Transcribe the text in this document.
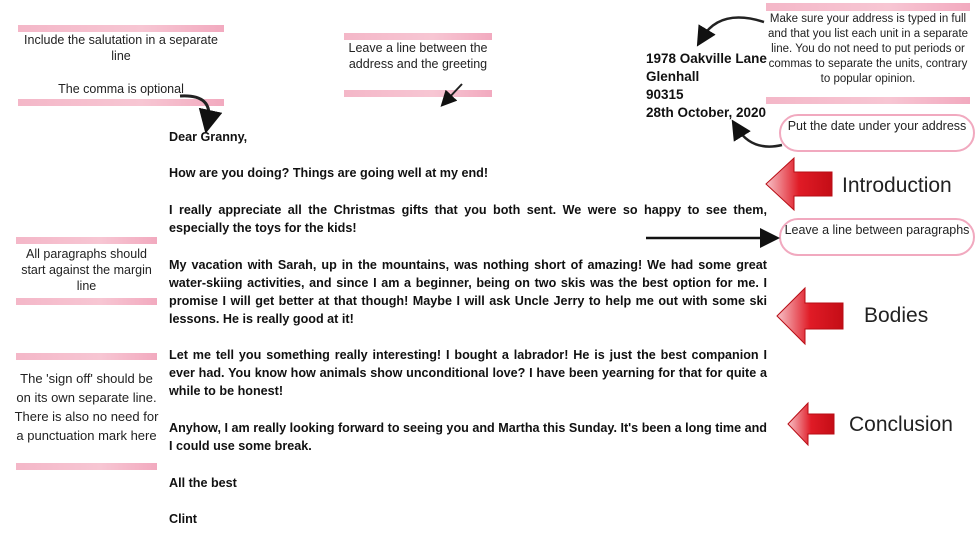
Include the salutation in a separate line
The comma is optional
Leave a line between the address and the greeting
All paragraphs should start against the margin line
The 'sign off' should be on its own separate line. There is also no need for a punctuation mark here
Make sure your address is typed in full and that you list each unit in a separate line. You do not need to put periods or commas to separate the units, contrary to popular opinion.
1978 Oakville Lane
Glenhall
90315
28th October, 2020
Put the date under your address
Leave a line between paragraphs
Dear Granny,
How are you doing? Things are going well at my end!
I really appreciate all the Christmas gifts that you both sent. We were so happy to see them, especially the toys for the kids!
My vacation with Sarah, up in the mountains, was nothing short of amazing! We had some great water-skiing activities, and since I am a beginner, being on two skis was the best option for me. I promise I will get better at that though! Maybe I will ask Uncle Jerry to help me out with some ski lessons. He is really good at it!
Let me tell you something really interesting! I bought a labrador! He is just the best companion I ever had. You know how animals show unconditional love? I have been yearning for that for quite a while to be honest!
Anyhow, I am really looking forward to seeing you and Martha this Sunday. It's been a long time and I could use some break.
All the best
Clint
Introduction
Bodies
Conclusion
